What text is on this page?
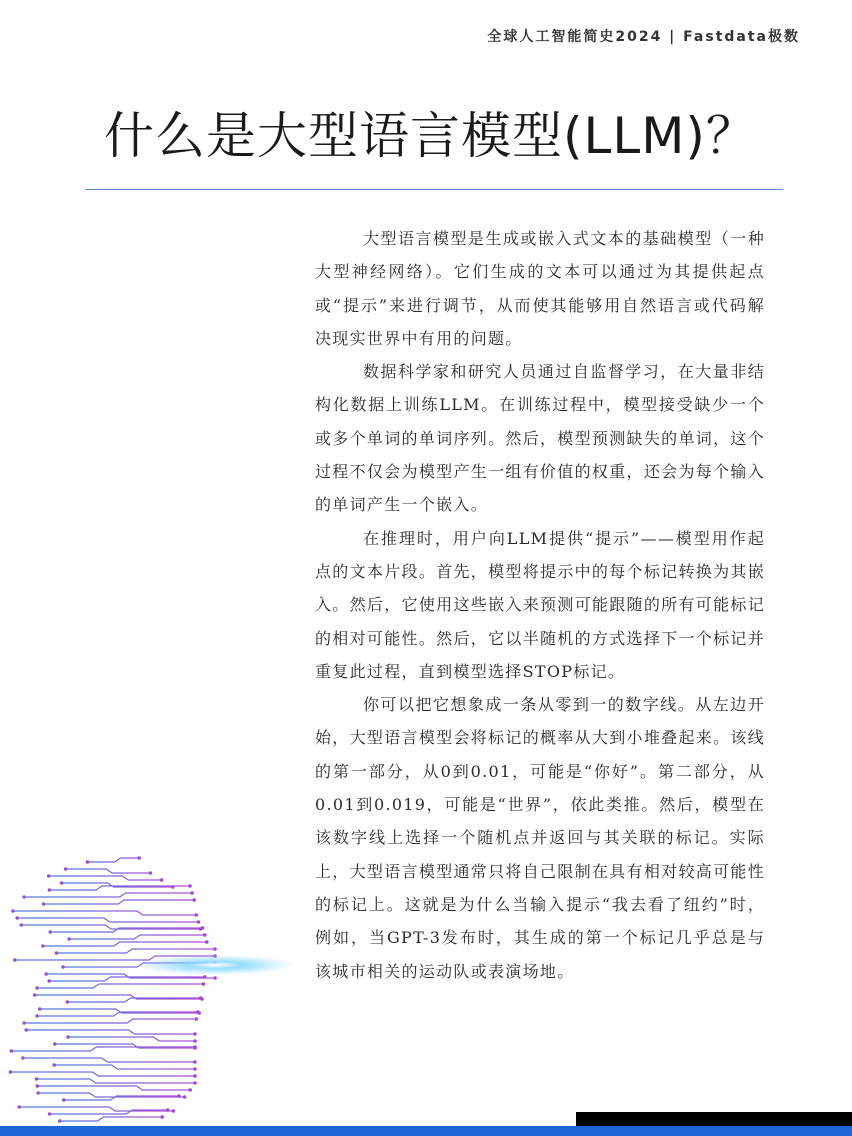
全球人工智能简史2024 | Fastdata极数
什么是大型语言模型(LLM)？

大型语言模型是生成或嵌入式文本的基础模型（一种大型神经网络）。它们生成的文本可以通过为其提供起点或“提示”来进行调节，从而使其能够用自然语言或代码解决现实世界中有用的问题。

数据科学家和研究人员通过自监督学习，在大量非结构化数据上训练LLM。在训练过程中，模型接受缺少一个或多个单词的单词序列。然后，模型预测缺失的单词，这个过程不仅会为模型产生一组有价值的权重，还会为每个输入的单词产生一个嵌入。

在推理时，用户向LLM提供“提示”——模型用作起点的文本片段。首先，模型将提示中的每个标记转换为其嵌入。然后，它使用这些嵌入来预测可能跟随的所有可能标记的相对可能性。然后，它以半随机的方式选择下一个标记并重复此过程，直到模型选择STOP标记。

你可以把它想象成一条从零到一的数字线。从左边开始，大型语言模型会将标记的概率从大到小堆叠起来。该线的第一部分，从0到0.01，可能是“你好”。第二部分，从0.01到0.019，可能是“世界”，依此类推。然后，模型在该数字线上选择一个随机点并返回与其关联的标记。实际上，大型语言模型通常只将自己限制在具有相对较高可能性的标记上。这就是为什么当输入提示“我去看了纽约”时，例如，当GPT-3发布时，其生成的第一个标记几乎总是与该城市相关的运动队或表演场地。
